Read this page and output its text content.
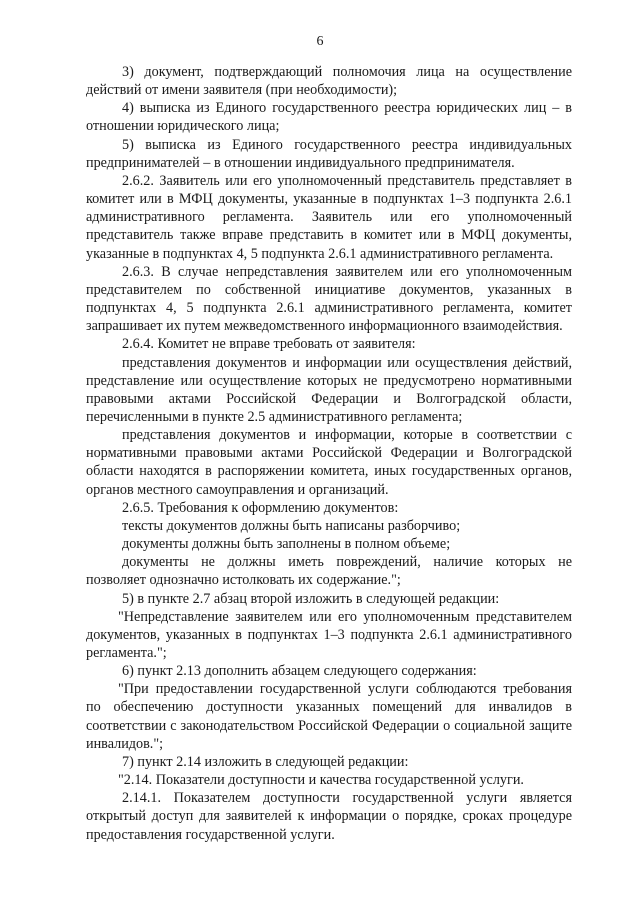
6

3) документ, подтверждающий полномочия лица на осуществление действий от имени заявителя (при необходимости);

4) выписка из Единого государственного реестра юридических лиц – в отношении юридического лица;

5) выписка из Единого государственного реестра индивидуальных предпринимателей – в отношении индивидуального предпринимателя.

2.6.2. Заявитель или его уполномоченный представитель представляет в комитет или в МФЦ документы, указанные в подпунктах 1–3 подпункта 2.6.1 административного регламента. Заявитель или его уполномоченный представитель также вправе представить в комитет или в МФЦ документы, указанные в подпунктах 4, 5 подпункта 2.6.1 административного регламента.

2.6.3. В случае непредставления заявителем или его уполномоченным представителем по собственной инициативе документов, указанных в подпунктах 4, 5 подпункта 2.6.1 административного регламента, комитет запрашивает их путем межведомственного информационного взаимодействия.

2.6.4. Комитет не вправе требовать от заявителя:

представления документов и информации или осуществления действий, представление или осуществление которых не предусмотрено нормативными правовыми актами Российской Федерации и Волгоградской области, перечисленными в пункте 2.5 административного регламента;

представления документов и информации, которые в соответствии с нормативными правовыми актами Российской Федерации и Волгоградской области находятся в распоряжении комитета, иных государственных органов, органов местного самоуправления и организаций.

2.6.5. Требования к оформлению документов:

тексты документов должны быть написаны разборчиво;

документы должны быть заполнены в полном объеме;

документы не должны иметь повреждений, наличие которых не позволяет однозначно истолковать их содержание.";

5) в пункте 2.7 абзац второй изложить в следующей редакции:

"Непредставление заявителем или его уполномоченным представителем документов, указанных в подпунктах 1–3 подпункта 2.6.1 административного регламента.";

6) пункт 2.13 дополнить абзацем следующего содержания:

"При предоставлении государственной услуги соблюдаются требования по обеспечению доступности указанных помещений для инвалидов в соответствии с законодательством Российской Федерации о социальной защите инвалидов.";

7) пункт 2.14 изложить в следующей редакции:

"2.14. Показатели доступности и качества государственной услуги.

2.14.1. Показателем доступности государственной услуги является открытый доступ для заявителей к информации о порядке, сроках процедуре предоставления государственной услуги.
